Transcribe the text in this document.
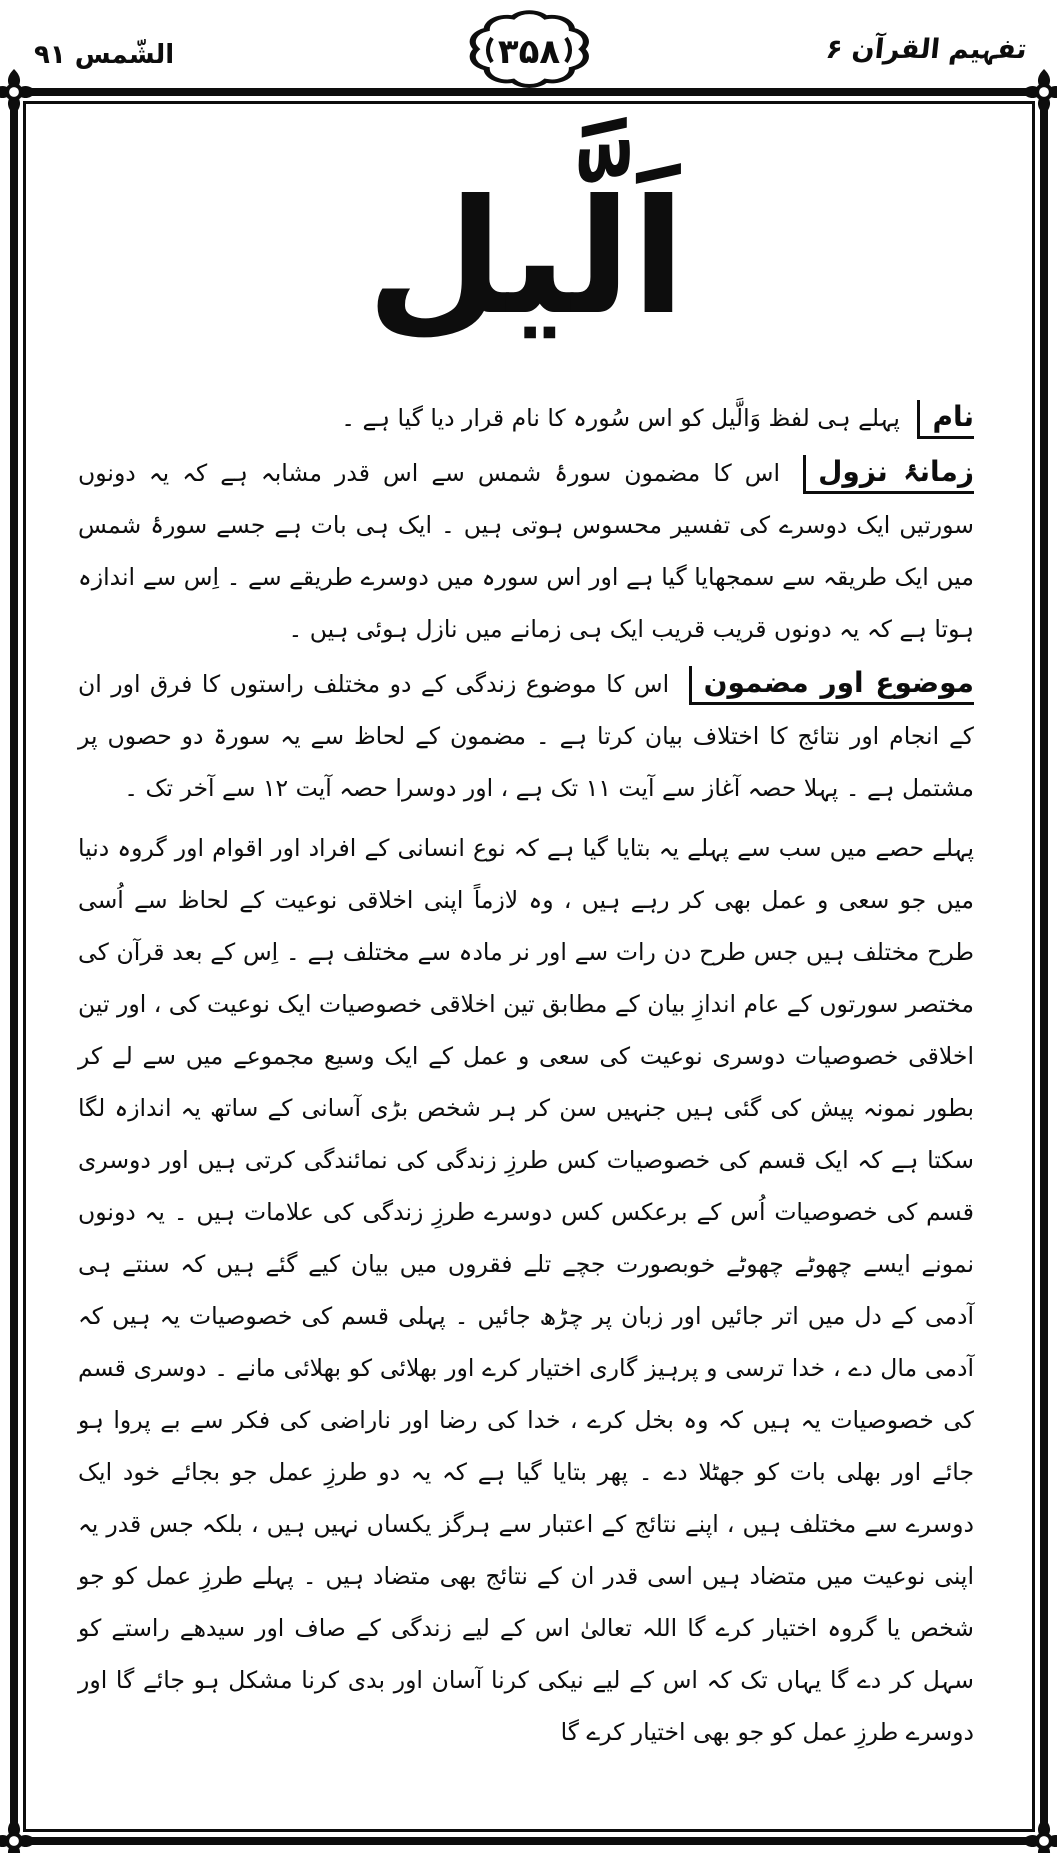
تفہیم القرآن ۶
۳۵۸
الشّمس ۹۱
اَلَّیل

نام پہلے ہی لفظ وَالَّیل کو اس سُورہ کا نام قرار دیا گیا ہے ۔

زمانۂ نزول اس کا مضمون سورۂ شمس سے اس قدر مشابہ ہے کہ یہ دونوں سورتیں ایک دوسرے کی تفسیر محسوس ہوتی ہیں ۔ ایک ہی بات ہے جسے سورۂ شمس میں ایک طریقہ سے سمجھایا گیا ہے اور اس سورہ میں دوسرے طریقے سے ۔ اِس سے اندازہ ہوتا ہے کہ یہ دونوں قریب قریب ایک ہی زمانے میں نازل ہوئی ہیں ۔

موضوع اور مضمون اس کا موضوع زندگی کے دو مختلف راستوں کا فرق اور ان کے انجام اور نتائج کا اختلاف بیان کرتا ہے ۔ مضمون کے لحاظ سے یہ سورۃ دو حصوں پر مشتمل ہے ۔ پہلا حصہ آغاز سے آیت ۱۱ تک ہے ، اور دوسرا حصہ آیت ۱۲ سے آخر تک ۔

پہلے حصے میں سب سے پہلے یہ بتایا گیا ہے کہ نوع انسانی کے افراد اور اقوام اور گروہ دنیا میں جو سعی و عمل بھی کر رہے ہیں ، وہ لازماً اپنی اخلاقی نوعیت کے لحاظ سے اُسی طرح مختلف ہیں جس طرح دن رات سے اور نر مادہ سے مختلف ہے ۔ اِس کے بعد قرآن کی مختصر سورتوں کے عام اندازِ بیان کے مطابق تین اخلاقی خصوصیات ایک نوعیت کی ، اور تین اخلاقی خصوصیات دوسری نوعیت کی سعی و عمل کے ایک وسیع مجموعے میں سے لے کر بطور نمونہ پیش کی گئی ہیں جنہیں سن کر ہر شخص بڑی آسانی کے ساتھ یہ اندازہ لگا سکتا ہے کہ ایک قسم کی خصوصیات کس طرزِ زندگی کی نمائندگی کرتی ہیں اور دوسری قسم کی خصوصیات اُس کے برعکس کس دوسرے طرزِ زندگی کی علامات ہیں ۔ یہ دونوں نمونے ایسے چھوٹے چھوٹے خوبصورت جچے تلے فقروں میں بیان کیے گئے ہیں کہ سنتے ہی آدمی کے دل میں اتر جائیں اور زبان پر چڑھ جائیں ۔ پہلی قسم کی خصوصیات یہ ہیں کہ آدمی مال دے ، خدا ترسی و پرہیز گاری اختیار کرے اور بھلائی کو بھلائی مانے ۔ دوسری قسم کی خصوصیات یہ ہیں کہ وہ بخل کرے ، خدا کی رضا اور ناراضی کی فکر سے بے پروا ہو جائے اور بھلی بات کو جھٹلا دے ۔ پھر بتایا گیا ہے کہ یہ دو طرزِ عمل جو بجائے خود ایک دوسرے سے مختلف ہیں ، اپنے نتائج کے اعتبار سے ہرگز یکساں نہیں ہیں ، بلکہ جس قدر یہ اپنی نوعیت میں متضاد ہیں اسی قدر ان کے نتائج بھی متضاد ہیں ۔ پہلے طرزِ عمل کو جو شخص یا گروہ اختیار کرے گا اللہ تعالیٰ اس کے لیے زندگی کے صاف اور سیدھے راستے کو سہل کر دے گا یہاں تک کہ اس کے لیے نیکی کرنا آسان اور بدی کرنا مشکل ہو جائے گا اور دوسرے طرزِ عمل کو جو بھی اختیار کرے گا
